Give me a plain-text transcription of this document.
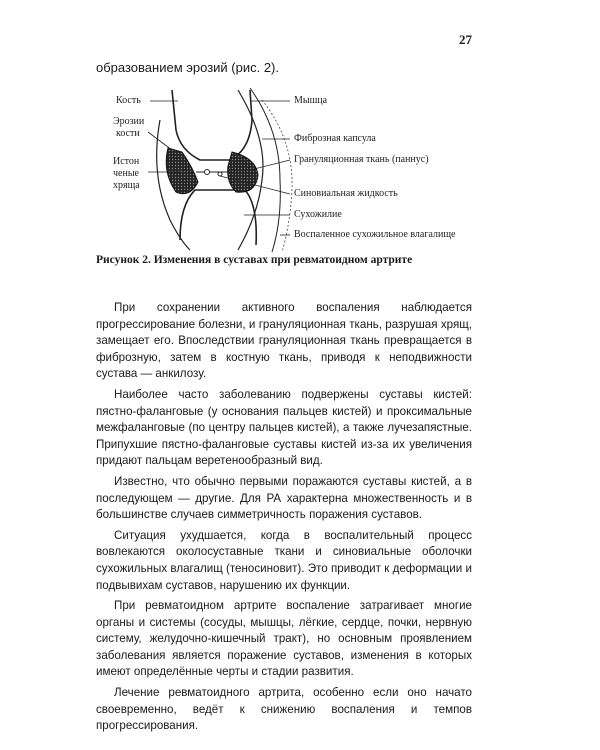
27
образованием эрозий (рис. 2).
Кость
Эрозии
кости
Истон
ченые
хряща
Мышца
Фиброзная капсула
Грануляционная ткань (паннус)
Синовиальная жидкость
Сухожилие
Воспаленное сухожильное влагалище
Рисунок 2. Изменения в суставах при ревматоидном артрите

При сохранении активного воспаления наблюдается прогрессирование болезни, и грануляционная ткань, разрушая хрящ, замещает его. Впоследствии грануляционная ткань превращается в фиброзную, затем в костную ткань, приводя к неподвижности сустава — анкилозу.

Наиболее часто заболеванию подвержены суставы кистей: пястно-фаланговые (у основания пальцев кистей) и проксимальные межфаланговые (по центру пальцев кистей), а также лучезапястные. Припухшие пястно-фаланговые суставы кистей из-за их увеличения придают пальцам веретенообразный вид.

Известно, что обычно первыми поражаются суставы кистей, а в последующем — другие. Для РА характерна множественность и в большинстве случаев симметричность поражения суставов.

Ситуация ухудшается, когда в воспалительный процесс вовлекаются околосуставные ткани и синовиальные оболочки сухожильных влагалищ (теносиновит). Это приводит к деформации и подвывихам суставов, нарушению их функции.

При ревматоидном артрите воспаление затрагивает многие органы и системы (сосуды, мышцы, лёгкие, сердце, почки, нервную систему, желудочно-кишечный тракт), но основным проявлением заболевания является поражение суставов, изменения в которых имеют определённые черты и стадии развития.

Лечение ревматоидного артрита, особенно если оно начато своевременно, ведёт к снижению воспаления и темпов прогрессирования.
